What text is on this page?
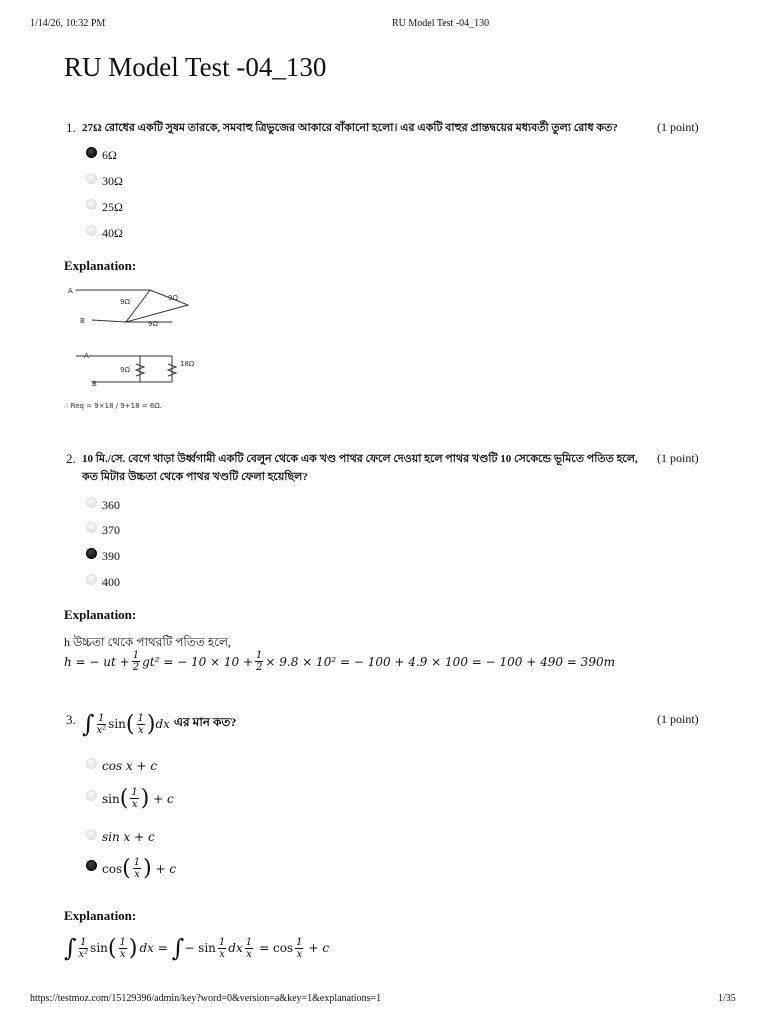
1/14/26, 10:32 PM	RU Model Test -04_130
RU Model Test -04_130
1. 27Ω রোধের একটি সুষম তারকে, সমবাহু ত্রিভুজের আকারে বাঁকানো হলো। এর একটি বাহুর প্রান্তদ্বয়ের মধ্যবর্তী তুল্য রোধ কত?	(1 point)
6Ω
30Ω
25Ω
40Ω
Explanation:
A
B
9Ω	9Ω
9Ω
A
B
9Ω
18Ω
∴ Req = 9×18 / 9+18 = 6Ω.
2. 10 মি./সে. বেগে খাড়া উর্ধ্বগামী একটি বেলুন থেকে এক খণ্ড পাথর ফেলে দেওয়া হলে পাথর খণ্ডটি 10 সেকেন্ডে ভূমিতে পতিত হলে, কত মিটার উচ্চতা থেকে পাথর খণ্ডটি ফেলা হয়েছিল?
(1 point)
360
370
390
400
Explanation:
h উচ্চতা থেকে পাথরটি পতিত হলে,
h = − ut + $\frac{1}{2} gt^2$ = − $10 \times 10 + \frac{1}{2} \times 9.8 \times 10^2$ = − 100 + 4.9 × 100 = − 100 + 490 = 390m
3. ∫ $\frac{1}{\text{x²}}$ sin ( $\frac{1}{x}$ ) dx এর মান কত?	(1 point)
cos x + c
sin ( $\frac{1}{x}$ )
+ c
sin x + c
cos ( $\frac{1}{x}$ )
+ c
Explanation:
∫ $\frac{1}{\text{x²}}$ sin ( $\frac{1}{x}$ ) dx = ∫ − $\sin \frac{1}{x}$ dx $\frac{1}{x} = \cos \frac{1}{x} + c$
https://testmoz.com/15129396/admin/key?word=0&version=a&key=1&explanations=1	1/35
